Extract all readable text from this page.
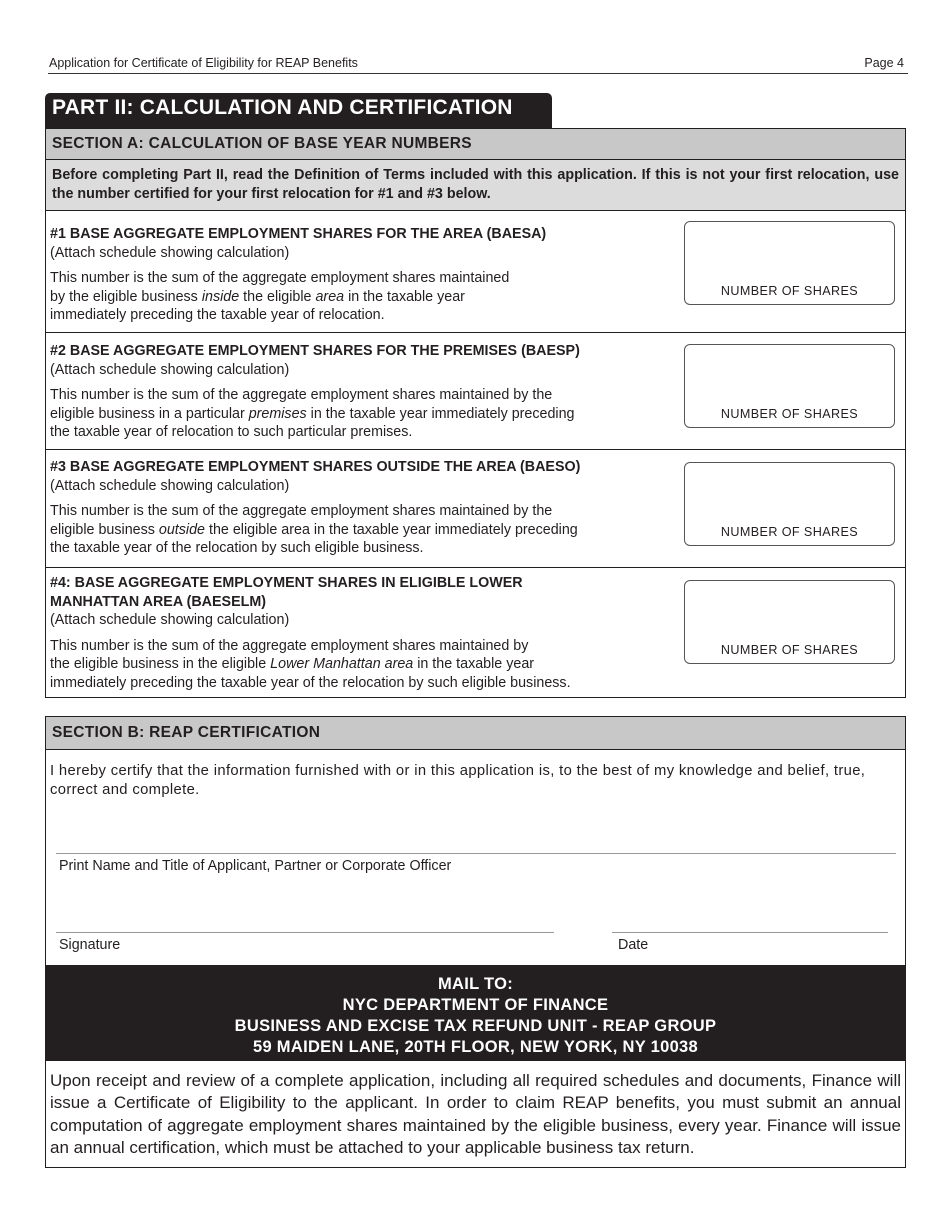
Application for Certificate of Eligibility for REAP Benefits	Page 4
PART II: CALCULATION AND CERTIFICATION
SECTION A: CALCULATION OF BASE YEAR NUMBERS
Before completing Part II, read the Definition of Terms included with this application. If this is not your first relocation, use the number certified for your first relocation for #1 and #3 below.
#1 BASE AGGREGATE EMPLOYMENT SHARES FOR THE AREA (BAESA)
(Attach schedule showing calculation)
This number is the sum of the aggregate employment shares maintained
by the eligible business inside the eligible area in the taxable year
immediately preceding the taxable year of relocation.
NUMBER OF SHARES
#2 BASE AGGREGATE EMPLOYMENT SHARES FOR THE PREMISES (BAESP)
(Attach schedule showing calculation)
This number is the sum of the aggregate employment shares maintained by the
eligible business in a particular premises in the taxable year immediately preceding
the taxable year of relocation to such particular premises.
NUMBER OF SHARES
#3 BASE AGGREGATE EMPLOYMENT SHARES OUTSIDE THE AREA (BAESO)
(Attach schedule showing calculation)
This number is the sum of the aggregate employment shares maintained by the
eligible business outside the eligible area in the taxable year immediately preceding
the taxable year of the relocation by such eligible business.
NUMBER OF SHARES
#4: BASE AGGREGATE EMPLOYMENT SHARES IN ELIGIBLE LOWER
MANHATTAN AREA (BAESELM)
(Attach schedule showing calculation)
This number is the sum of the aggregate employment shares maintained by
the eligible business in the eligible Lower Manhattan area in the taxable year
immediately preceding the taxable year of the relocation by such eligible business.
NUMBER OF SHARES
SECTION B: REAP CERTIFICATION
I hereby certify that the information furnished with or in this application is, to the best of my knowledge and belief, true, correct and complete.
Print Name and Title of Applicant, Partner or Corporate Officer
Signature	Date
MAIL TO:
NYC DEPARTMENT OF FINANCE
BUSINESS AND EXCISE TAX REFUND UNIT - REAP GROUP
59 MAIDEN LANE, 20TH FLOOR, NEW YORK, NY 10038
Upon receipt and review of a complete application, including all required schedules and documents, Finance will issue a Certificate of Eligibility to the applicant. In order to claim REAP benefits, you must submit an annual computation of aggregate employment shares maintained by the eligible business, every year. Finance will issue an annual certification, which must be attached to your applicable business tax return.
